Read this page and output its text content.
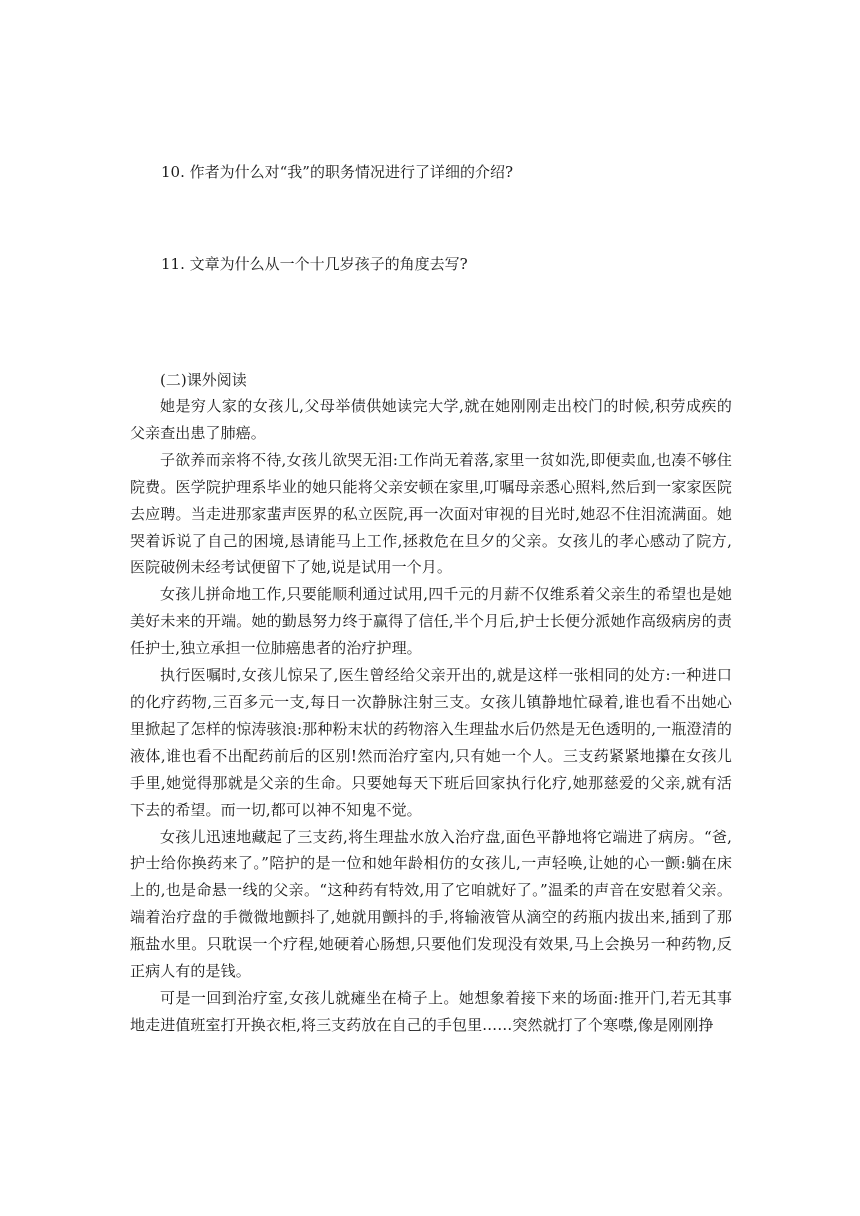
10. 作者为什么对“我”的职务情况进行了详细的介绍?

11. 文章为什么从一个十几岁孩子的角度去写?

(二)课外阅读

她是穷人家的女孩儿,父母举债供她读完大学,就在她刚刚走出校门的时候,积劳成疾的父亲查出患了肺癌。

子欲养而亲将不待,女孩儿欲哭无泪:工作尚无着落,家里一贫如洗,即便卖血,也凑不够住院费。医学院护理系毕业的她只能将父亲安顿在家里,叮嘱母亲悉心照料,然后到一家家医院去应聘。当走进那家蜚声医界的私立医院,再一次面对审视的目光时,她忍不住泪流满面。她哭着诉说了自己的困境,恳请能马上工作,拯救危在旦夕的父亲。女孩儿的孝心感动了院方,医院破例未经考试便留下了她,说是试用一个月。

女孩儿拼命地工作,只要能顺利通过试用,四千元的月薪不仅维系着父亲生的希望也是她美好未来的开端。她的勤恳努力终于赢得了信任,半个月后,护士长便分派她作高级病房的责任护士,独立承担一位肺癌患者的治疗护理。

执行医嘱时,女孩儿惊呆了,医生曾经给父亲开出的,就是这样一张相同的处方:一种进口的化疗药物,三百多元一支,每日一次静脉注射三支。女孩儿镇静地忙碌着,谁也看不出她心里掀起了怎样的惊涛骇浪:那种粉末状的药物溶入生理盐水后仍然是无色透明的,一瓶澄清的液体,谁也看不出配药前后的区别!然而治疗室内,只有她一个人。三支药紧紧地攥在女孩儿手里,她觉得那就是父亲的生命。只要她每天下班后回家执行化疗,她那慈爱的父亲,就有活下去的希望。而一切,都可以神不知鬼不觉。

女孩儿迅速地藏起了三支药,将生理盐水放入治疗盘,面色平静地将它端进了病房。“爸,护士给你换药来了。”陪护的是一位和她年龄相仿的女孩儿,一声轻唤,让她的心一颤:躺在床上的,也是命悬一线的父亲。“这种药有特效,用了它咱就好了。”温柔的声音在安慰着父亲。端着治疗盘的手微微地颤抖了,她就用颤抖的手,将输液管从滴空的药瓶内拔出来,插到了那瓶盐水里。只耽误一个疗程,她硬着心肠想,只要他们发现没有效果,马上会换另一种药物,反正病人有的是钱。

可是一回到治疗室,女孩儿就瘫坐在椅子上。她想象着接下来的场面:推开门,若无其事地走进值班室打开换衣柜,将三支药放在自己的手包里……突然就打了个寒噤,像是刚刚挣
